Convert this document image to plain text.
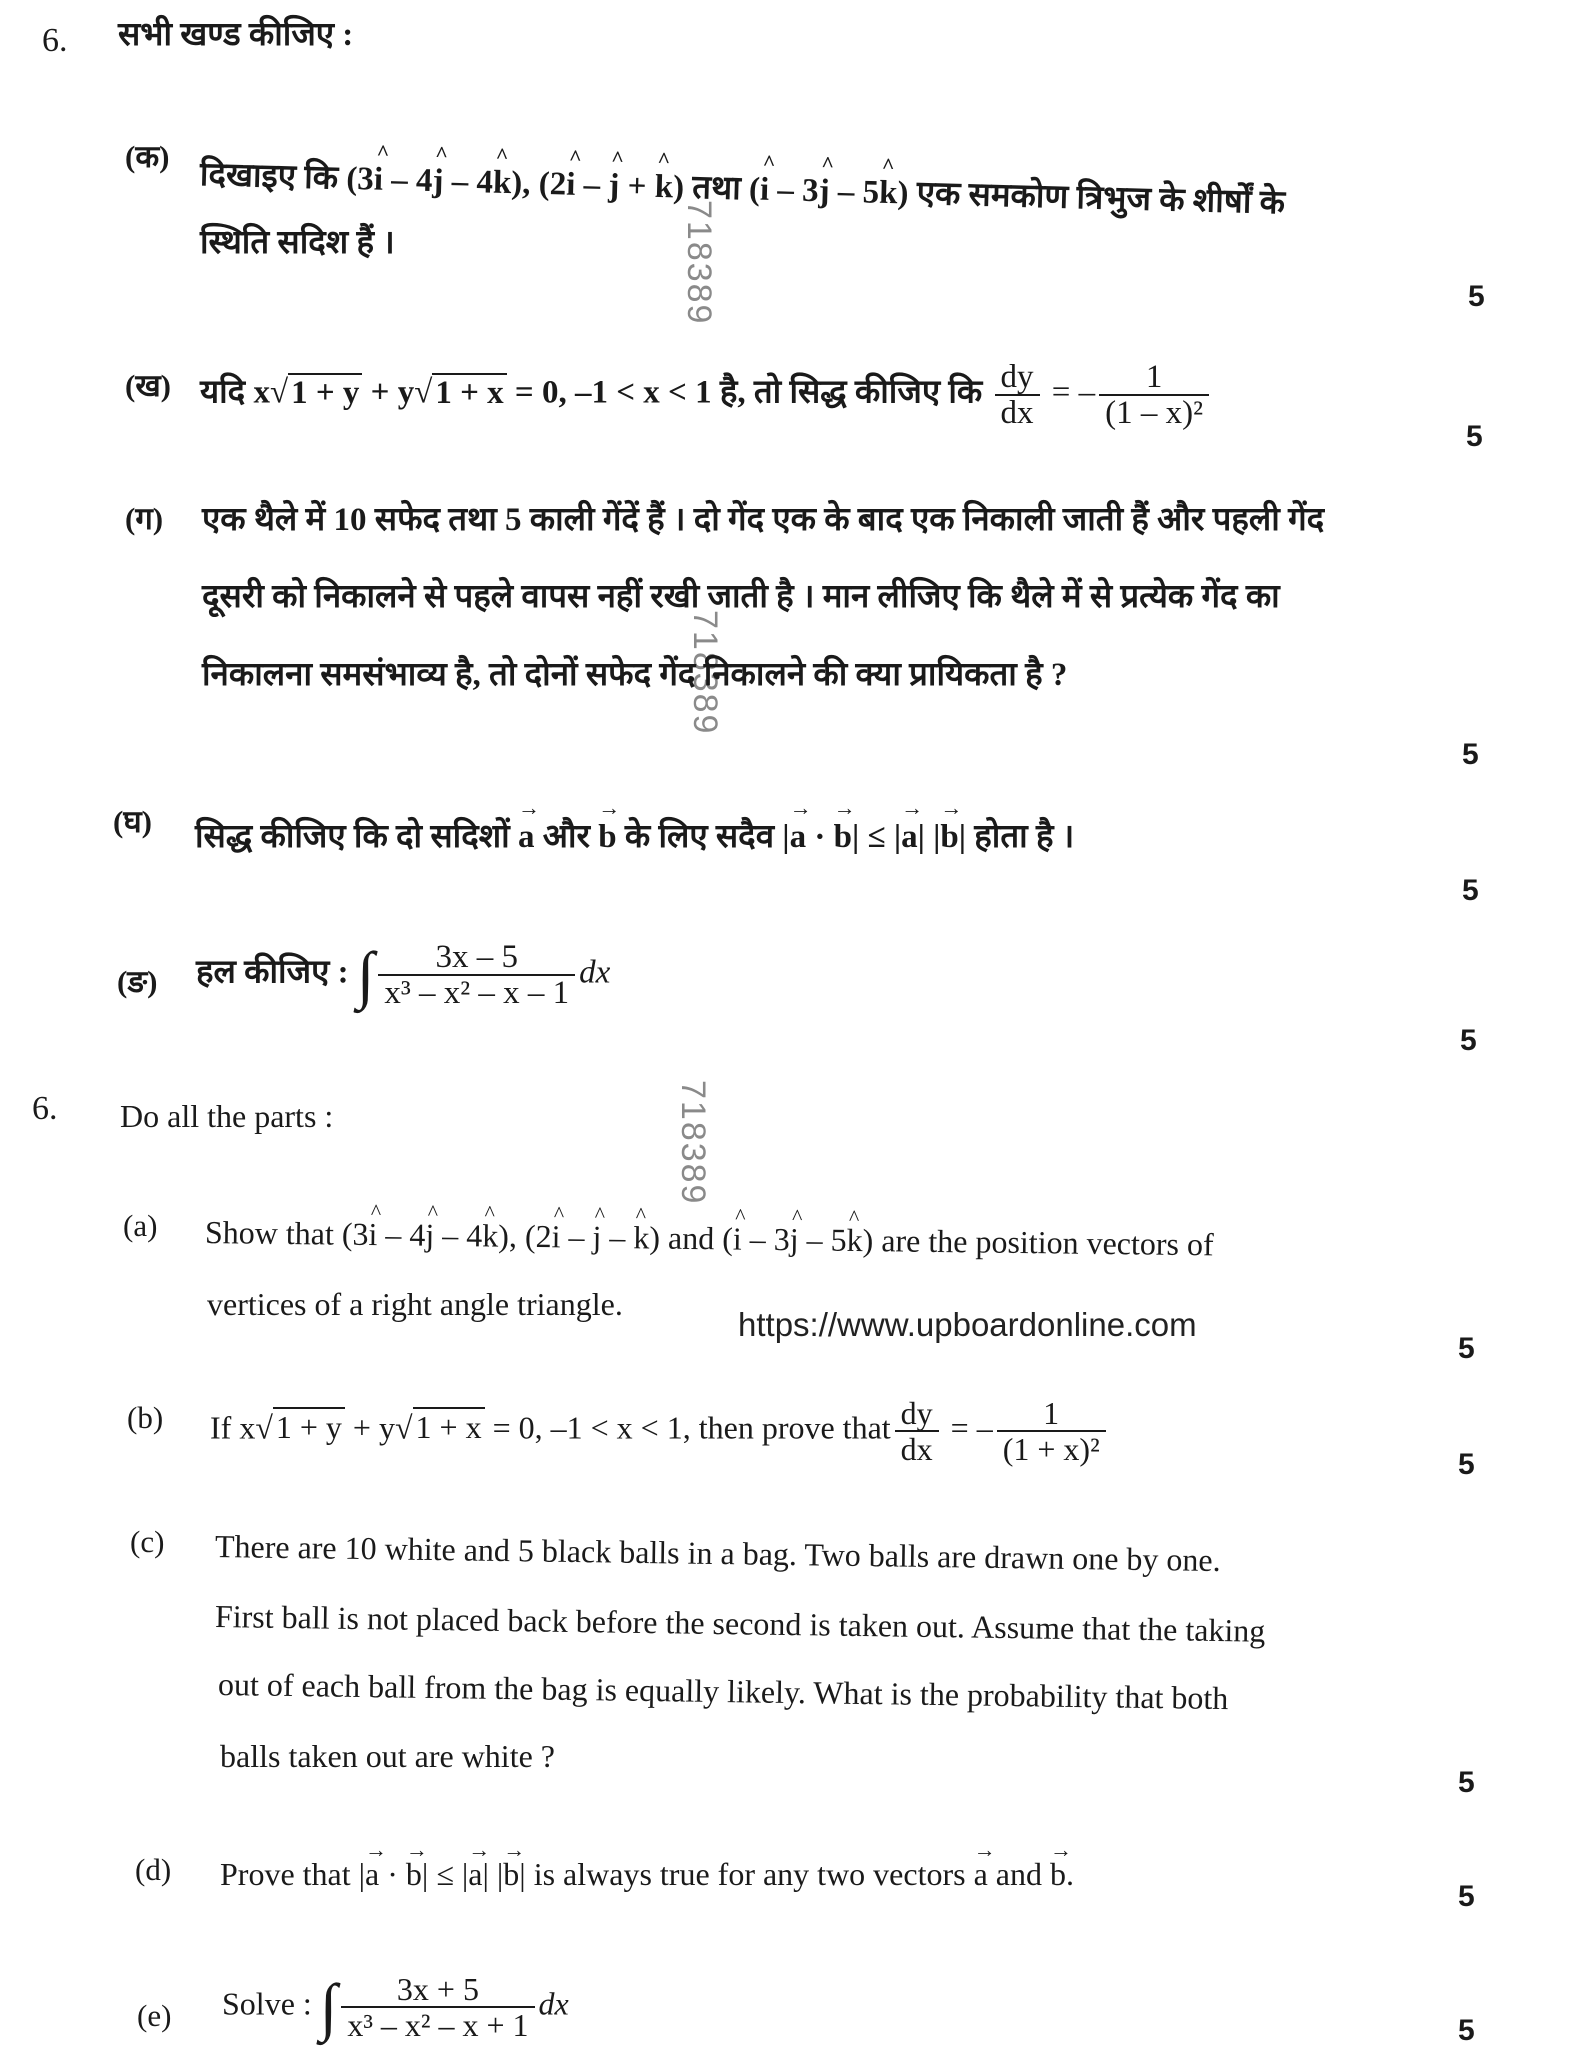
718389
718389
718389
6. सभी खण्ड कीजिए :
(क)
दिखाइए कि (3^ i – 4^ j – 4^ k), (2^ i – ^ j + ^ k) तथा (^ i – 3^ j – 5^ k) एक समकोण त्रिभुज के शीर्षों के
स्थिति सदिश हैं ।
5
(ख) यदि x√1 + y + y√1 + x = 0, –1 < x < 1 है, तो सिद्ध कीजिए कि $\frac{dy}{dx}$ = – $\frac{1}{\text{(1 – x)²}}$
5
(ग) एक थैले में 10 सफेद तथा 5 काली गेंदें हैं । दो गेंद एक के बाद एक निकाली जाती हैं और पहली गेंद
दूसरी को निकालने से पहले वापस नहीं रखी जाती है । मान लीजिए कि थैले में से प्रत्येक गेंद का
निकालना समसंभाव्य है, तो दोनों सफेद गेंद निकालने की क्या प्रायिकता है ?
5
(घ) सिद्ध कीजिए कि दो सदिशों → a और → b के लिए सदैव |→ a · → b| ≤ |→ a| |→ b| होता है ।
5
(ङ) हल कीजिए : ∫ $\frac{3x - 5}{\text{x³ – x² – x – 1}}$ dx
5
6. Do all the parts :
(a) Show that (3^ i – 4^ j – 4^ k), (2^ i – ^ j – ^ k) and (^ i – 3^ j – 5^ k) are the position vectors of
vertices of a right angle triangle.
https://www.upboardonline.com
5
(b) If x√1 + y + y√1 + x = 0, –1 < x < 1, then prove that $\frac{dy}{dx}$ = – $\frac{1}{\text{(1 + x)²}}$	5
(c) There are 10 white and 5 black balls in a bag. Two balls are drawn one by one.
First ball is not placed back before the second is taken out. Assume that the taking
out of each ball from the bag is equally likely. What is the probability that both
balls taken out are white ?
5
(d) Prove that |→ a · → b| ≤ |→ a| |→ b| is always true for any two vectors → a and → b.
5
(e) Solve : ∫ $\frac{3x + 5}{\text{x³ – x² – x + 1}}$ dx
5
